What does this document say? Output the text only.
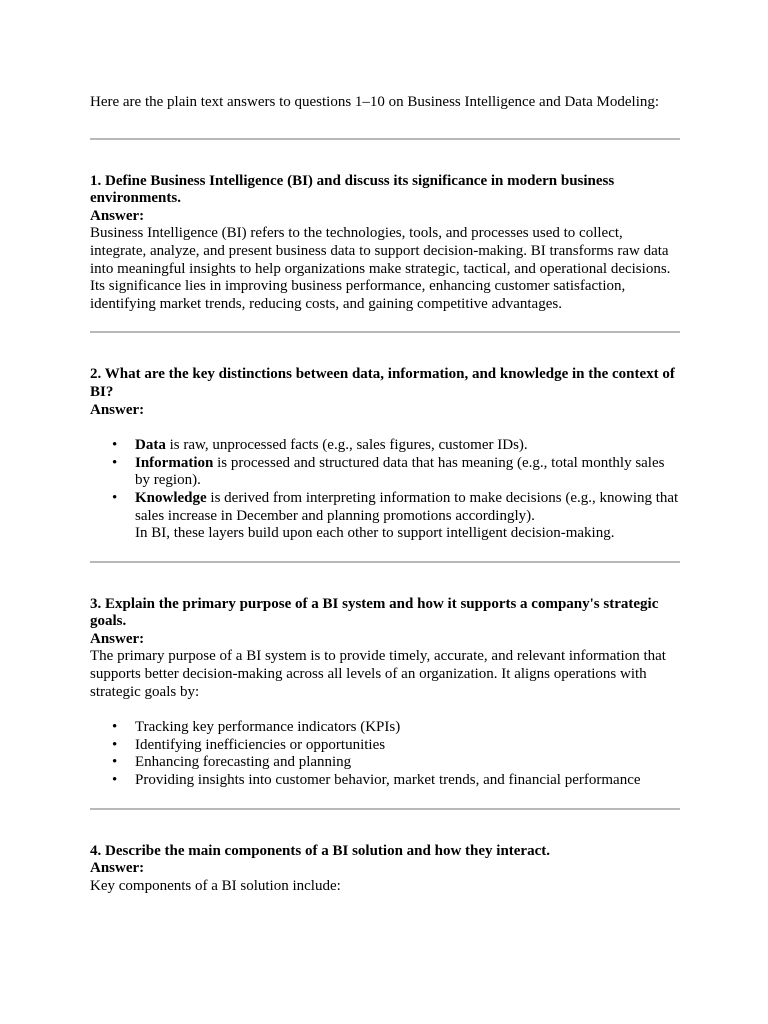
Here are the plain text answers to questions 1–10 on Business Intelligence and Data Modeling:

1. Define Business Intelligence (BI) and discuss its significance in modern business environments.

Answer:

Business Intelligence (BI) refers to the technologies, tools, and processes used to collect, integrate, analyze, and present business data to support decision-making. BI transforms raw data into meaningful insights to help organizations make strategic, tactical, and operational decisions. Its significance lies in improving business performance, enhancing customer satisfaction, identifying market trends, reducing costs, and gaining competitive advantages.

2. What are the key distinctions between data, information, and knowledge in the context of BI?

Answer:

• Data is raw, unprocessed facts (e.g., sales figures, customer IDs).
• Information is processed and structured data that has meaning (e.g., total monthly sales by region).
• Knowledge is derived from interpreting information to make decisions (e.g., knowing that sales increase in December and planning promotions accordingly).
In BI, these layers build upon each other to support intelligent decision-making.

3. Explain the primary purpose of a BI system and how it supports a company's strategic goals.

Answer:

The primary purpose of a BI system is to provide timely, accurate, and relevant information that supports better decision-making across all levels of an organization. It aligns operations with strategic goals by:

• Tracking key performance indicators (KPIs)
• Identifying inefficiencies or opportunities
• Enhancing forecasting and planning
• Providing insights into customer behavior, market trends, and financial performance

4. Describe the main components of a BI solution and how they interact.

Answer:

Key components of a BI solution include:
